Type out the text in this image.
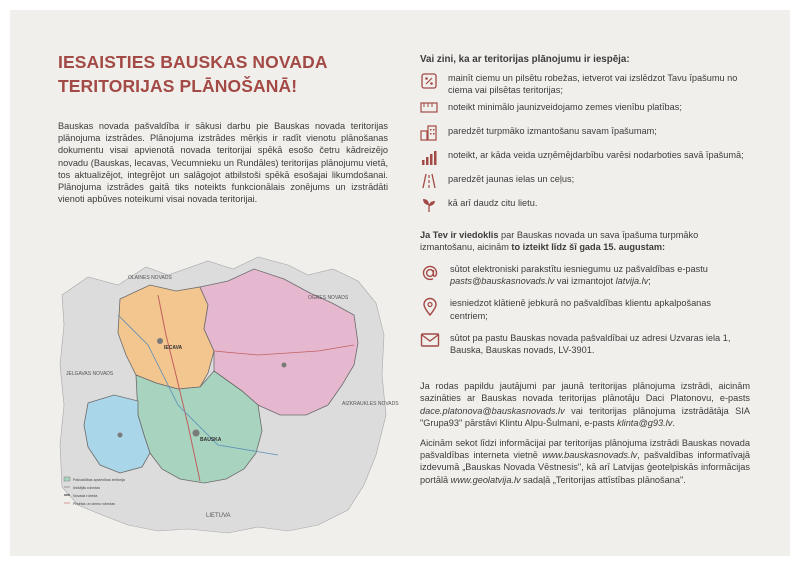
IESAISTIES BAUSKAS NOVADA
TERITORIJAS PLĀNOŠANĀ!

Bauskas novada pašvaldība ir sākusi darbu pie Bauskas novada teritorijas plānojuma izstrādes. Plānojuma izstrādes mērķis ir radīt vienotu plānošanas dokumentu visai apvienotā novada teritorijai spēkā esošo četru kādreizējo novadu (Bauskas, Iecavas, Vecumnieku un Rundāles) teritorijas plānojumu vietā, tos aktualizējot, integrējot un salāgojot atbilstoši spēkā esošajai likumdošanai. Plānojuma izstrādes gaitā tiks noteikts funkcionālais zonējums un izstrādāti vienoti apbūves noteikumi visai novada teritorijai.

OLAINES NOVADS
OGRES NOVADS
JELGAVAS NOVADS
AIZKRAUKLES NOVADS
LIETUVA
IECAVA
BAUSKA
Pašvaldības apvienības teritorija
Iekšējās robežas
Novada robeža
Pilsētas un ciemu robežas
Vai zini, ka ar teritorijas plānojumu ir iespēja:
mainīt ciemu un pilsētu robežas, ietverot vai izslēdzot Tavu īpašumu no ciema vai pilsētas teritorijas;
noteikt minimālo jaunizveidojamo zemes vienību platības;
paredzēt turpmāko izmantošanu savam īpašumam;
noteikt, ar kāda veida uzņēmējdarbību varēsi nodarboties savā īpašumā;
paredzēt jaunas ielas un ceļus;
kā arī daudz citu lietu.

Ja Tev ir viedoklis par Bauskas novada un sava īpašuma turpmāko izmantošanu, aicinām to izteikt līdz šī gada 15. augustam:

sūtot elektroniski parakstītu iesniegumu uz pašvaldības e-pastu pasts@bauskasnovads.lv vai izmantojot latvija.lv;
iesniedzot klātienē jebkurā no pašvaldības klientu apkalpošanas centriem;
sūtot pa pastu Bauskas novada pašvaldībai uz adresi Uzvaras iela 1, Bauska, Bauskas novads, LV-3901.

Ja rodas papildu jautājumi par jaunā teritorijas plānojuma izstrādi, aicinām sazināties ar Bauskas novada teritorijas plānotāju Daci Platonovu, e-pasts dace.platonova@bauskasnovads.lv vai teritorijas plānojuma izstrādātāja SIA "Grupa93" pārstāvi Klintu Alpu-Šulmani, e-pasts klinta@g93.lv.

Aicinām sekot līdzi informācijai par teritorijas plānojuma izstrādi Bauskas novada pašvaldības interneta vietnē www.bauskasnovads.lv, pašvaldības informatīvajā izdevumā „Bauskas Novada Vēstnesis", kā arī Latvijas ģeotelpiskās informācijas portālā www.geolatvija.lv sadaļā „Teritorijas attīstības plānošana".
